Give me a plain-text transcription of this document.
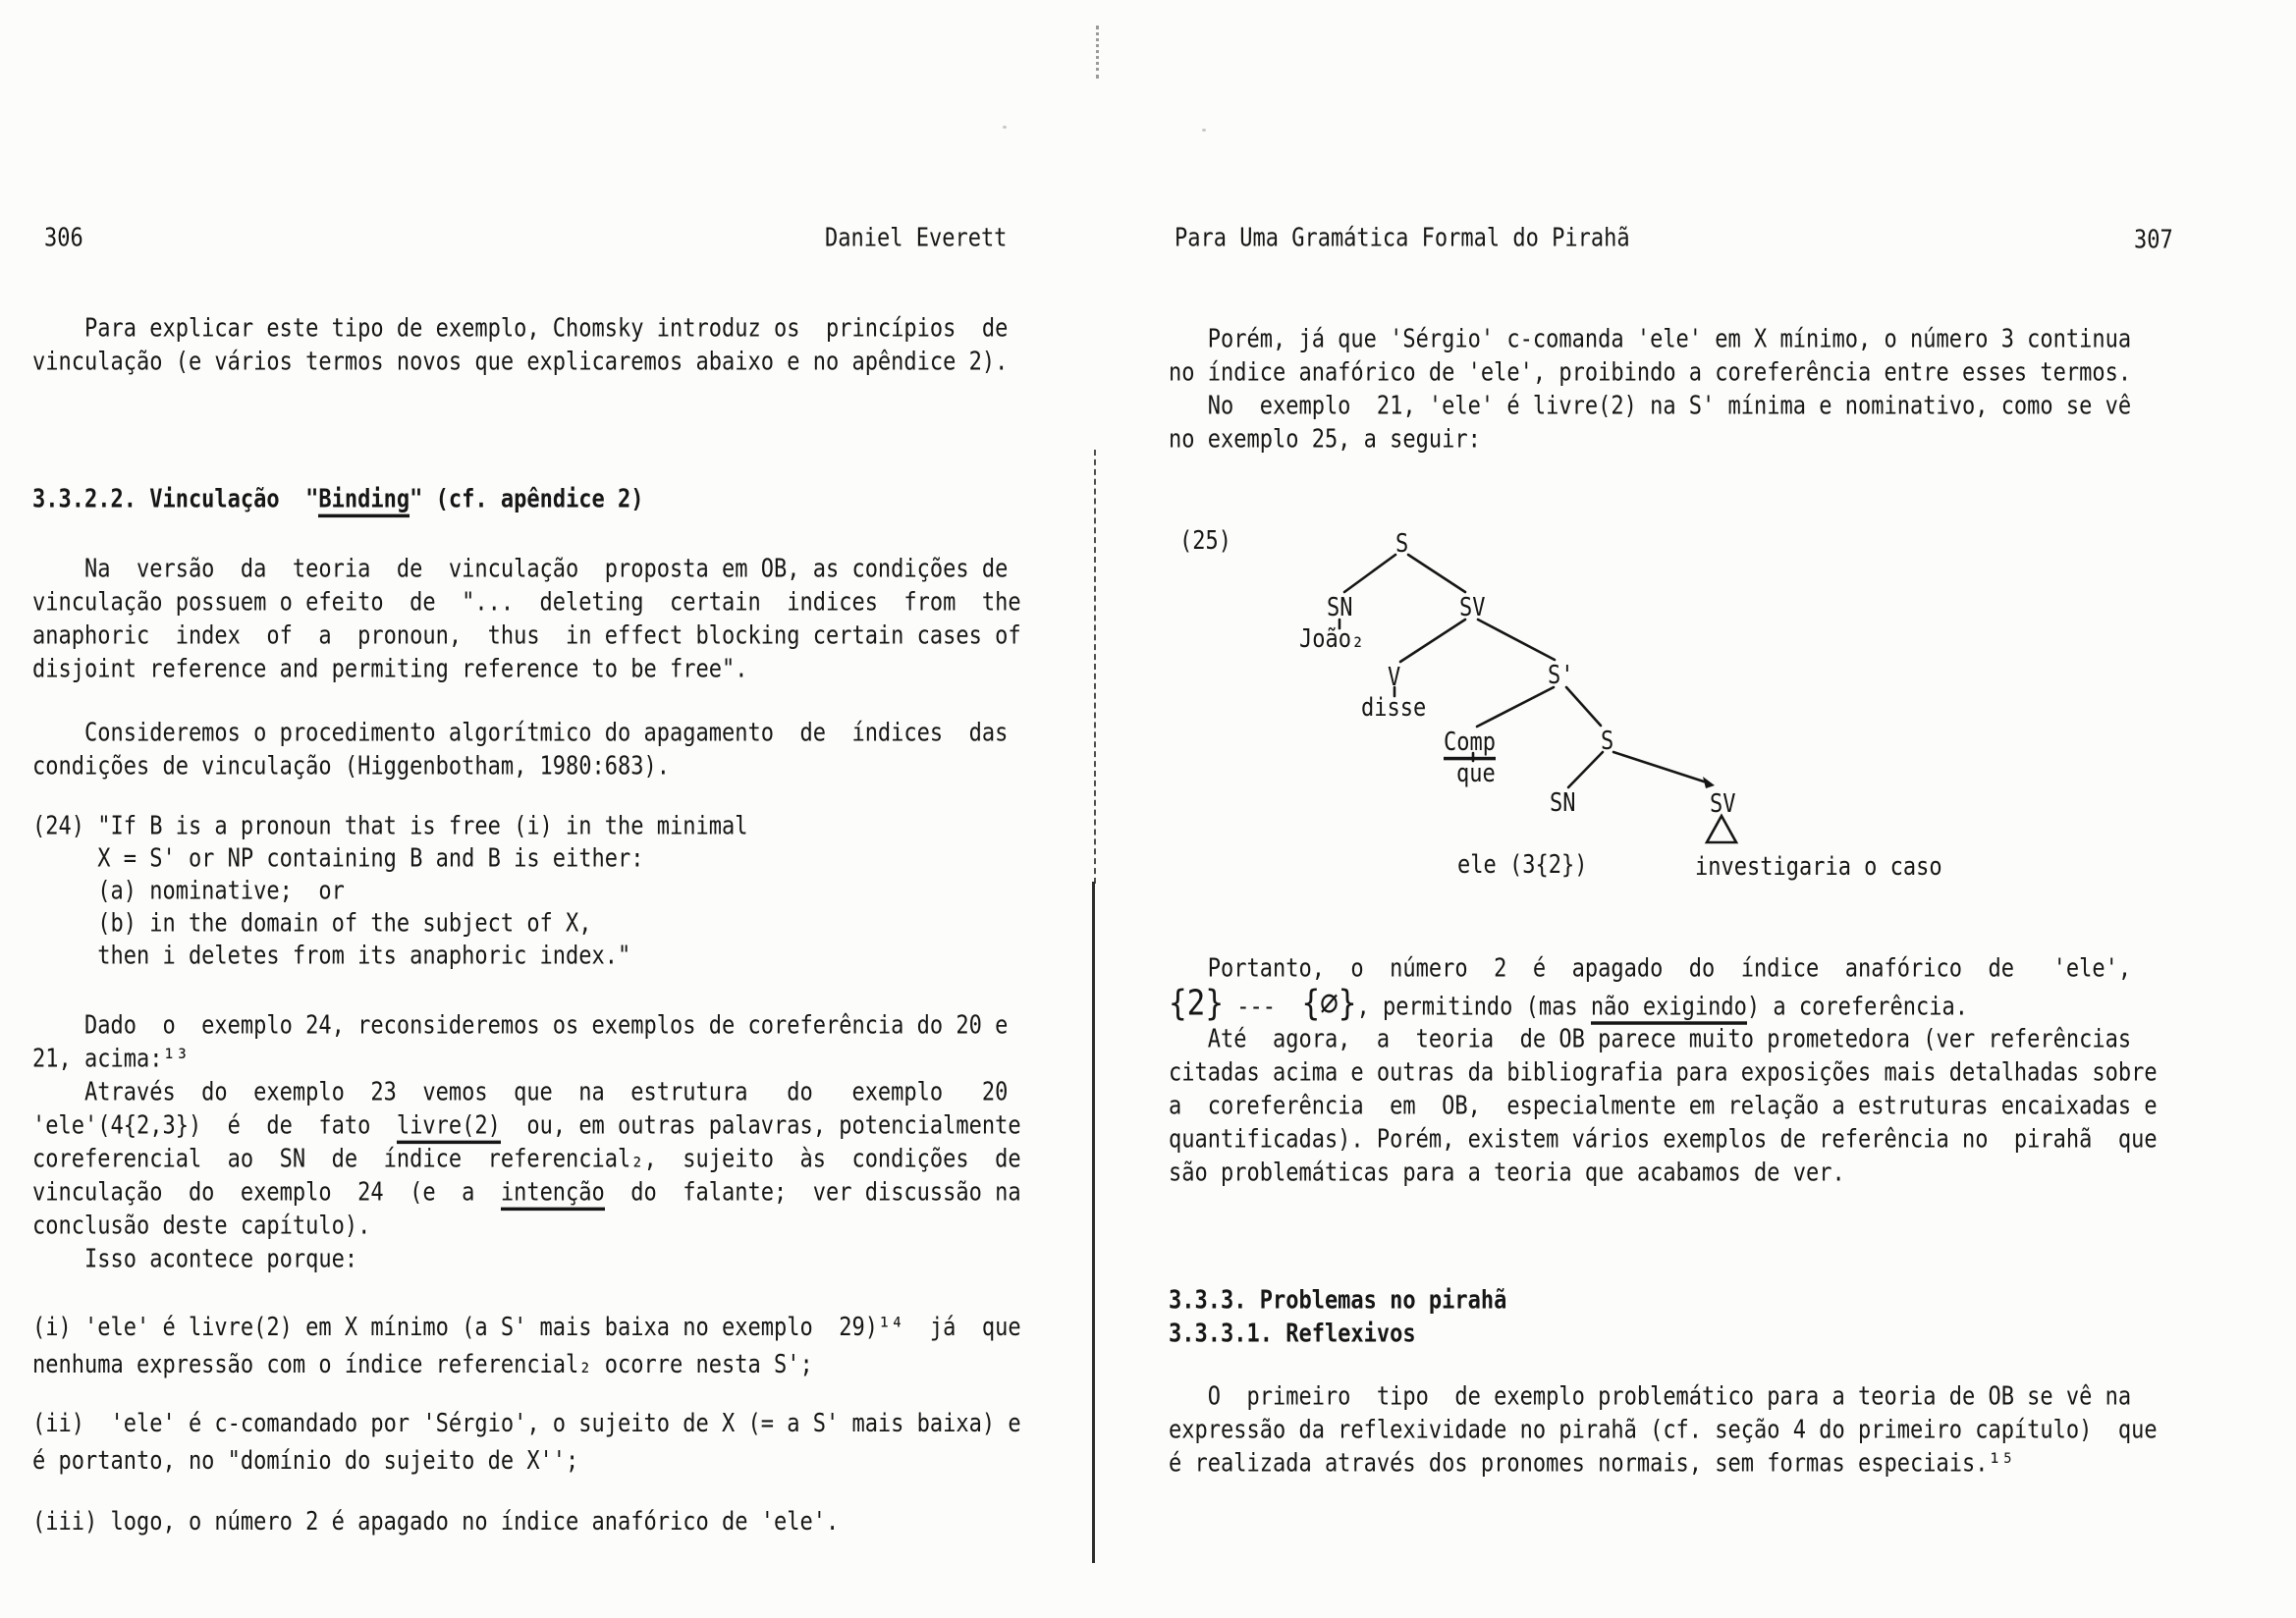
306	Daniel Everett
Para explicar este tipo de exemplo, Chomsky introduz os  princípios  de
vinculação (e vários termos novos que explicaremos abaixo e no apêndice 2).
3.3.2.2. Vinculação  "Binding" (cf. apêndice 2)
Na  versão  da  teoria  de  vinculação  proposta em OB, as condições de
vinculação possuem o efeito  de  "...  deleting  certain  indices  from  the
anaphoric  index  of  a  pronoun,  thus  in effect blocking certain cases of
disjoint reference and permiting reference to be free".
Consideremos o procedimento algorítmico do apagamento  de  índices  das
condições de vinculação (Higgenbotham, 1980:683).
(24) "If B is a pronoun that is free (i) in the minimal
X = S' or NP containing B and B is either:
(a) nominative;  or
(b) in the domain of the subject of X,
then i deletes from its anaphoric index."
Dado  o  exemplo 24, reconsideremos os exemplos de coreferência do 20 e
21, acima:¹³
Através  do  exemplo  23  vemos  que  na  estrutura   do   exemplo   20
'ele'(4{2,3})  é  de  fato  livre(2)  ou, em outras palavras, potencialmente
coreferencial  ao  SN  de  índice  referencial₂,  sujeito  às  condições  de
vinculação  do  exemplo  24  (e  a  intenção  do  falante;  ver discussão na
conclusão deste capítulo).
Isso acontece porque:
(i) 'ele' é livre(2) em X mínimo (a S' mais baixa no exemplo  29)¹⁴  já  que
nenhuma expressão com o índice referencial₂ ocorre nesta S';
(ii)  'ele' é c-comandado por 'Sérgio', o sujeito de X (= a S' mais baixa) e
é portanto, no "domínio do sujeito de X'';
(iii) logo, o número 2 é apagado no índice anafórico de 'ele'.
Para Uma Gramática Formal do Pirahã	307
Porém, já que 'Sérgio' c-comanda 'ele' em X mínimo, o número 3 continua
no índice anafórico de 'ele', proibindo a coreferência entre esses termos.
No  exemplo  21, 'ele' é livre(2) na S' mínima e nominativo, como se vê
no exemplo 25, a seguir:
(25)	S
SN	SV
João₂
V
disse
S'
Comp
que
S
SN	SV
ele (3{2})	investigaria o caso
Portanto,  o  número  2  é  apagado  do  índice  anafórico  de   'ele',
{2} ---  {∅}, permitindo (mas não exigindo) a coreferência.
Até  agora,  a  teoria  de OB parece muito prometedora (ver referências
citadas acima e outras da bibliografia para exposições mais detalhadas sobre
a  coreferência  em  OB,  especialmente em relação a estruturas encaixadas e
quantificadas). Porém, existem vários exemplos de referência no  pirahã  que
são problemáticas para a teoria que acabamos de ver.
3.3.3. Problemas no pirahã
3.3.3.1. Reflexivos
O  primeiro  tipo  de exemplo problemático para a teoria de OB se vê na
expressão da reflexividade no pirahã (cf. seção 4 do primeiro capítulo)  que
é realizada através dos pronomes normais, sem formas especiais.¹⁵
